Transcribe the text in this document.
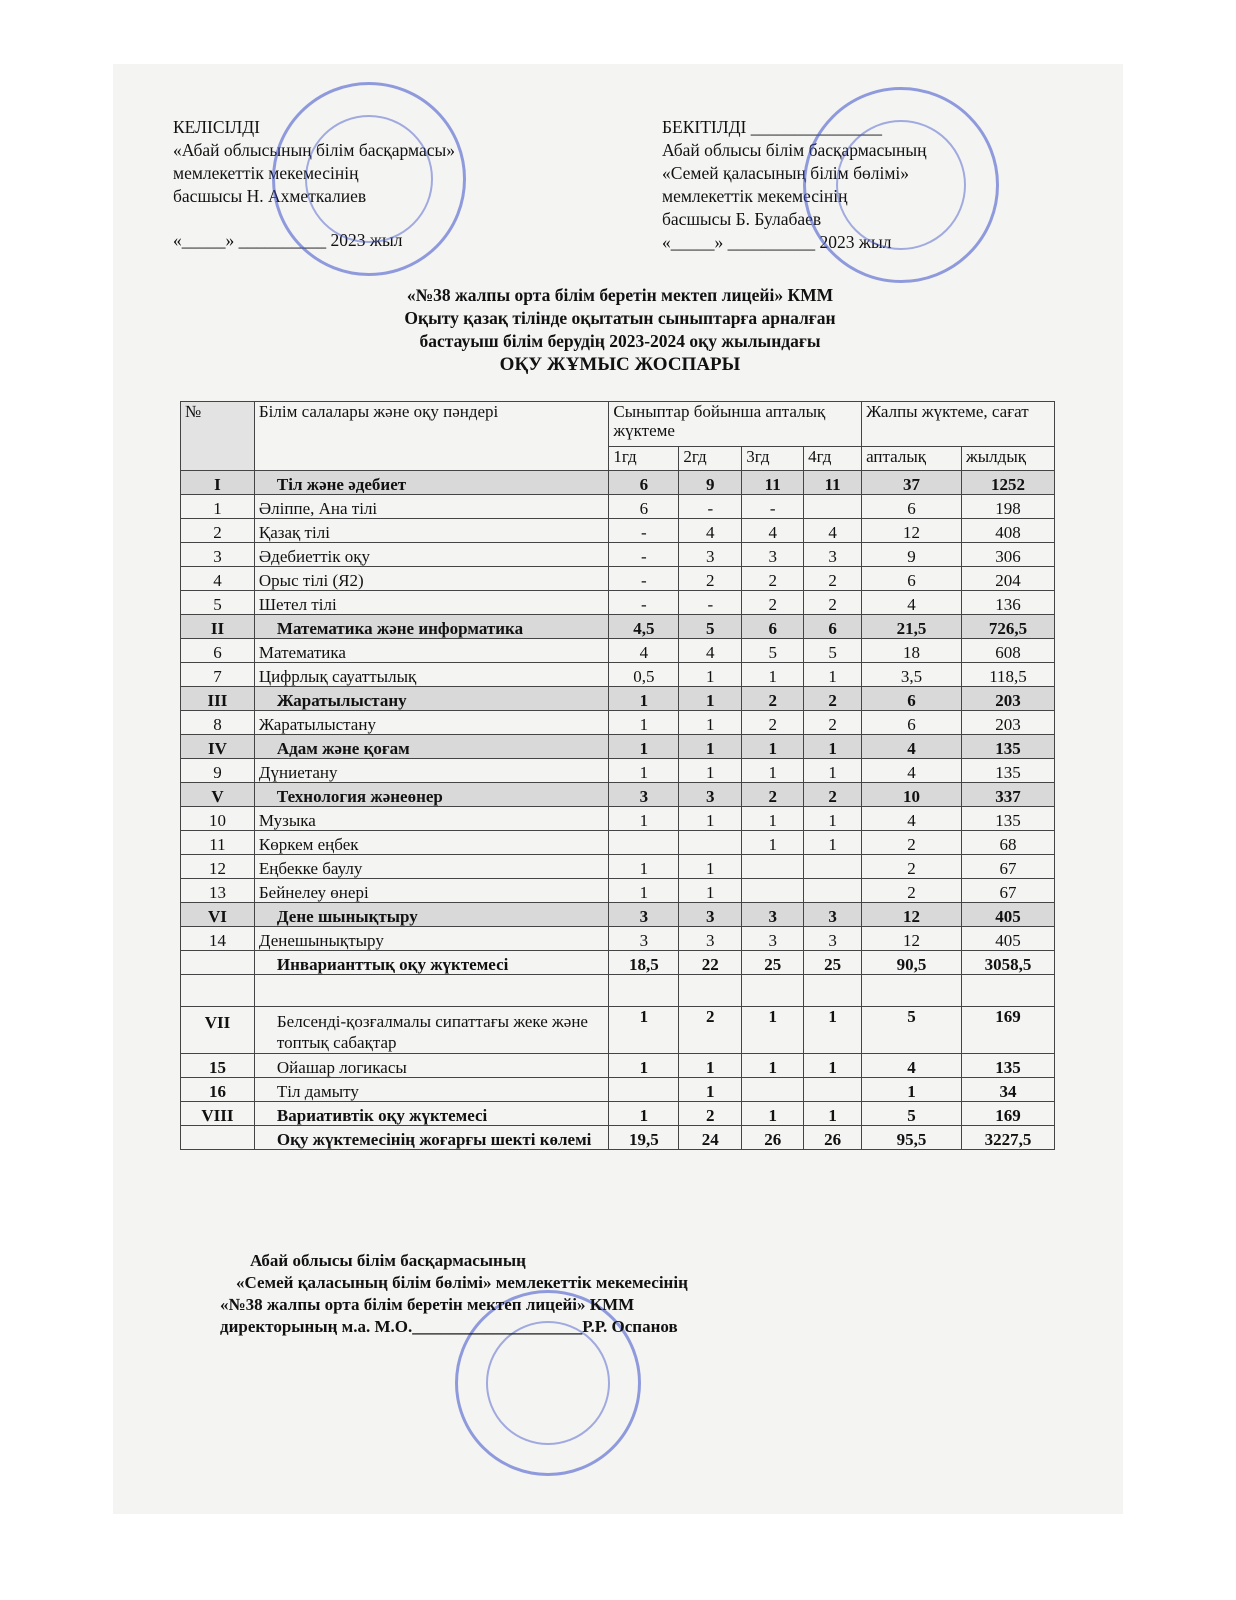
КЕЛІСІЛДІ
«Абай облысының білім басқармасы»
мемлекеттік мекемесінің
басшысы Н. Ахметкалиев
«_____» __________ 2023 жыл
БЕКІТІЛДІ _______________
Абай облысы білім басқармасының
«Семей қаласының білім бөлімі»
мемлекеттік мекемесінің
басшысы Б. Булабаев
«_____» __________ 2023 жыл
«№38 жалпы орта білім беретін мектеп лицейі» КММ
Оқыту қазақ тілінде оқытатын сыныптарға арналған
бастауыш білім берудің 2023-2024 оқу жылындағы
ОҚУ ЖҰМЫС ЖОСПАРЫ
№	Білім салалары және оқу пәндері	Сыныптар бойынша апталық жүктеме				Жалпы жүктеме, сағат	
		1гд	2гд	3гд	4гд	апталық	жылдық
I	Тіл және әдебиет	6	9	11	11	37	1252
1	Әліппе, Ана тілі	6	-	-		6	198
2	Қазақ тілі	-	4	4	4	12	408
3	Әдебиеттік оқу	-	3	3	3	9	306
4	Орыс тілі (Я2)	-	2	2	2	6	204
5	Шетел тілі	-	-	2	2	4	136
II	Математика және информатика	4,5	5	6	6	21,5	726,5
6	Математика	4	4	5	5	18	608
7	Цифрлық сауаттылық	0,5	1	1	1	3,5	118,5
III	Жаратылыстану	1	1	2	2	6	203
8	Жаратылыстану	1	1	2	2	6	203
IV	Адам және қоғам	1	1	1	1	4	135
9	Дүниетану	1	1	1	1	4	135
V	Технология жәнеөнер	3	3	2	2	10	337
10	Музыка	1	1	1	1	4	135
11	Көркем еңбек			1	1	2	68
12	Еңбекке баулу	1	1			2	67
13	Бейнелеу өнері	1	1			2	67
VI	Дене шынықтыру	3	3	3	3	12	405
14	Денешынықтыру	3	3	3	3	12	405
	Инварианттық оқу жүктемесі	18,5	22	25	25	90,5	3058,5

VII	Белсенді-қозғалмалы сипаттағы жеке және топтық сабақтар	1	2	1	1	5	169
15	Ойашар логикасы	1	1	1	1	4	135
16	Тіл дамыту		1			1	34
VIII	Вариативтік оқу жүктемесі	1	2	1	1	5	169
	Оқу жүктемесінің жоғарғы шекті көлемі	19,5	24	26	26	95,5	3227,5
Абай облысы білім басқармасының
«Семей қаласының білім бөлімі» мемлекеттік мекемесінің
«№38 жалпы орта білім беретін мектеп лицейі» КММ
директорының м.а. М.О.____________________Р.Р. Оспанов
